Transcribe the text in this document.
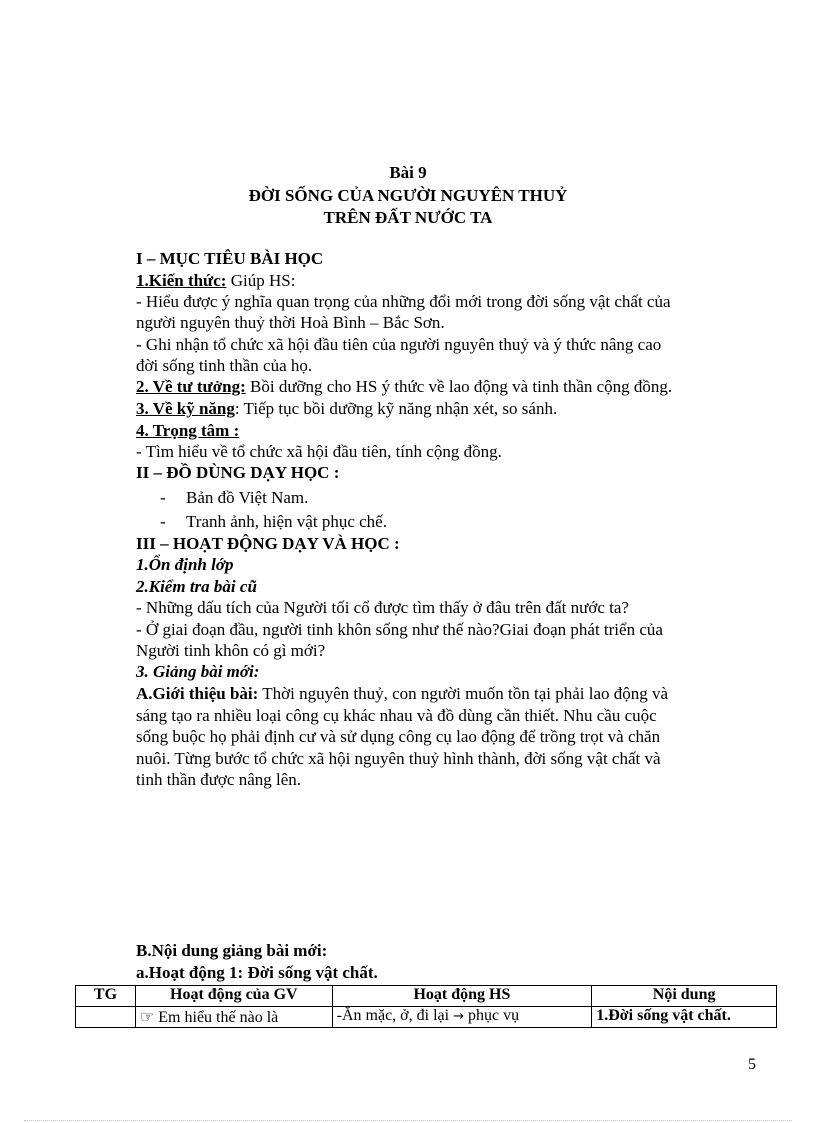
Bài 9
ĐỜI SỐNG CỦA NGƯỜI NGUYÊN THUỶ
TRÊN ĐẤT NƯỚC TA
I – MỤC TIÊU BÀI HỌC
1.Kiến thức: Giúp HS:
- Hiểu được ý nghĩa quan trọng của những đổi mới trong đời sống vật chất của
người nguyên thuỷ thời Hoà Bình – Bắc Sơn.
- Ghi nhận tổ chức xã hội đầu tiên của người nguyên thuỷ và ý thức nâng cao
đời sống tinh thần của họ.
2. Về tư tưởng: Bồi dưỡng cho HS ý thức về lao động và tinh thần cộng đồng.
3. Về kỹ năng: Tiếp tục bồi dưỡng kỹ năng nhận xét, so sánh.
4. Trọng tâm :
- Tìm hiểu về tổ chức xã hội đầu tiên, tính cộng đồng.
II – ĐỒ DÙNG DẠY HỌC :
- Bản đồ Việt Nam.
- Tranh ảnh, hiện vật phục chế.
III – HOẠT ĐỘNG DẠY VÀ HỌC :
1.Ổn định lớp
2.Kiểm tra bài cũ
- Những dấu tích của Người tối cổ được tìm thấy ở đâu trên đất nước ta?
- Ở giai đoạn đầu, người tinh khôn sống như thế nào?Giai đoạn phát triển của
Người tinh khôn có gì mới?
3. Giảng bài mới:
A.Giới thiệu bài: Thời nguyên thuỷ, con người muốn tồn tại phải lao động và
sáng tạo ra nhiều loại công cụ khác nhau và đồ dùng cần thiết. Nhu cầu cuộc
sống buộc họ phải định cư và sử dụng công cụ lao động để trồng trọt và chăn
nuôi. Từng bước tổ chức xã hội nguyên thuỷ hình thành, đời sống vật chất và
tinh thần được nâng lên.
B.Nội dung giảng bài mới:
a.Hoạt động 1: Đời sống vật chất.
TG	Hoạt động của GV	Hoạt động HS	Nội dung
	☞ Em hiểu thế nào là	-Ăn mặc, ở, đi lại → phục vụ	1.Đời sống vật chất.
5
